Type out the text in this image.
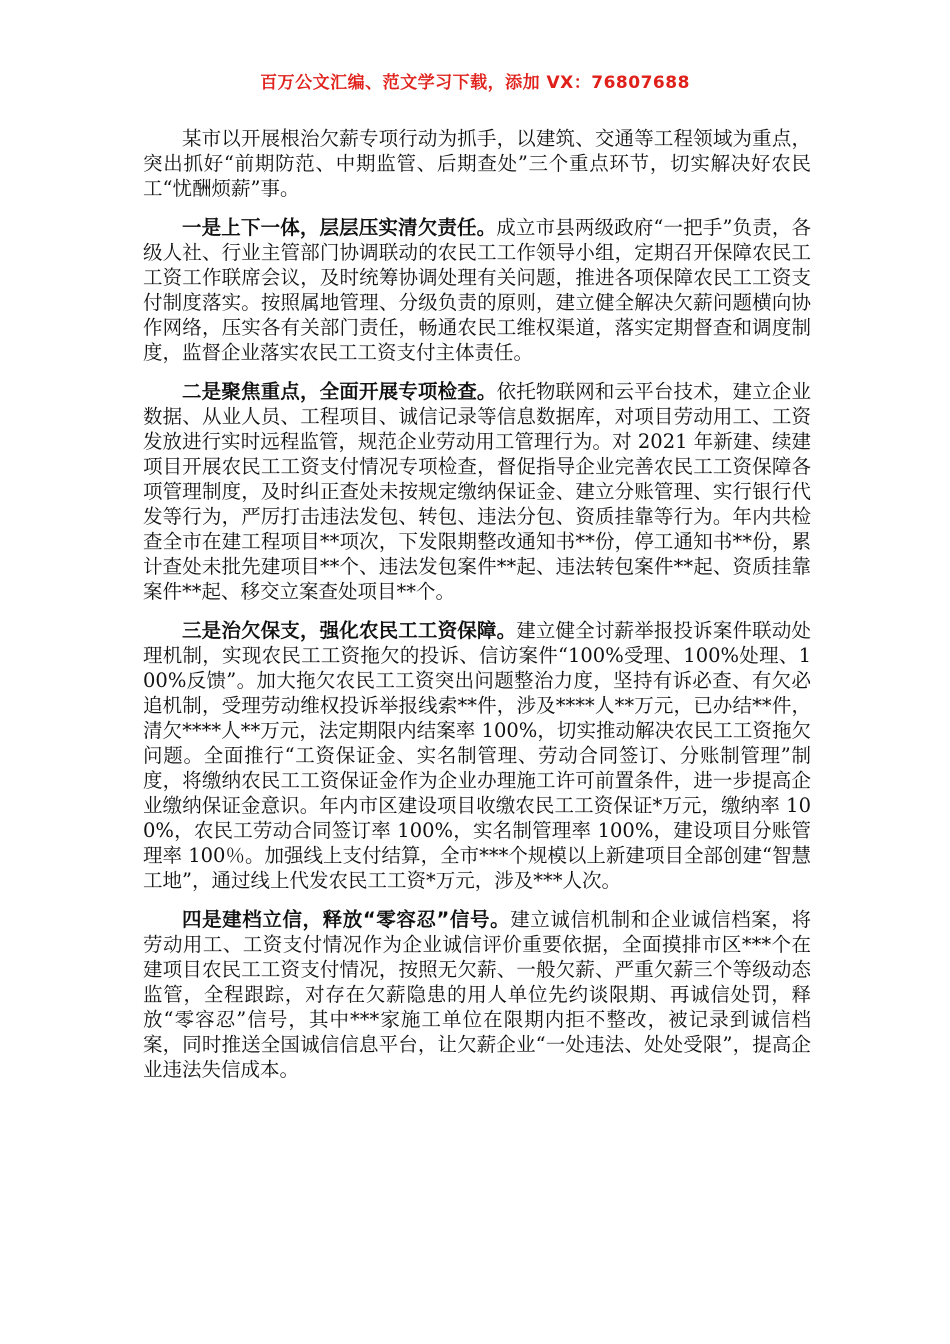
百万公文汇编、范文学习下载，添加 VX：76807688

某市以开展根治欠薪专项行动为抓手，以建筑、交通等工程领域为重点，突出抓好“前期防范、中期监管、后期查处”三个重点环节，切实解决好农民工“忧酬烦薪”事。

一是上下一体，层层压实清欠责任。成立市县两级政府“一把手”负责，各级人社、行业主管部门协调联动的农民工工作领导小组，定期召开保障农民工工资工作联席会议，及时统筹协调处理有关问题，推进各项保障农民工工资支付制度落实。按照属地管理、分级负责的原则，建立健全解决欠薪问题横向协作网络，压实各有关部门责任，畅通农民工维权渠道，落实定期督查和调度制度，监督企业落实农民工工资支付主体责任。

二是聚焦重点，全面开展专项检查。依托物联网和云平台技术，建立企业数据、从业人员、工程项目、诚信记录等信息数据库，对项目劳动用工、工资发放进行实时远程监管，规范企业劳动用工管理行为。对 2021 年新建、续建项目开展农民工工资支付情况专项检查，督促指导企业完善农民工工资保障各项管理制度，及时纠正查处未按规定缴纳保证金、建立分账管理、实行银行代发等行为，严厉打击违法发包、转包、违法分包、资质挂靠等行为。年内共检查全市在建工程项目**项次，下发限期整改通知书**份，停工通知书**份，累计查处未批先建项目**个、违法发包案件**起、违法转包案件**起、资质挂靠案件**起、移交立案查处项目**个。

三是治欠保支，强化农民工工资保障。建立健全讨薪举报投诉案件联动处理机制，实现农民工工资拖欠的投诉、信访案件“100%受理、100%处理、100%反馈”。加大拖欠农民工工资突出问题整治力度，坚持有诉必查、有欠必追机制，受理劳动维权投诉举报线索**件，涉及****人**万元，已办结**件，清欠****人**万元，法定期限内结案率 100%，切实推动解决农民工工资拖欠问题。全面推行“工资保证金、实名制管理、劳动合同签订、分账制管理”制度，将缴纳农民工工资保证金作为企业办理施工许可前置条件，进一步提高企业缴纳保证金意识。年内市区建设项目收缴农民工工资保证*万元，缴纳率 100%，农民工劳动合同签订率 100%，实名制管理率 100%，建设项目分账管理率 100％。加强线上支付结算，全市***个规模以上新建项目全部创建“智慧工地”，通过线上代发农民工工资*万元，涉及***人次。

四是建档立信，释放“零容忍”信号。建立诚信机制和企业诚信档案，将劳动用工、工资支付情况作为企业诚信评价重要依据，全面摸排市区***个在建项目农民工工资支付情况，按照无欠薪、一般欠薪、严重欠薪三个等级动态监管，全程跟踪，对存在欠薪隐患的用人单位先约谈限期、再诚信处罚，释放“零容忍”信号，其中***家施工单位在限期内拒不整改，被记录到诚信档案，同时推送全国诚信信息平台，让欠薪企业“一处违法、处处受限”，提高企业违法失信成本。
